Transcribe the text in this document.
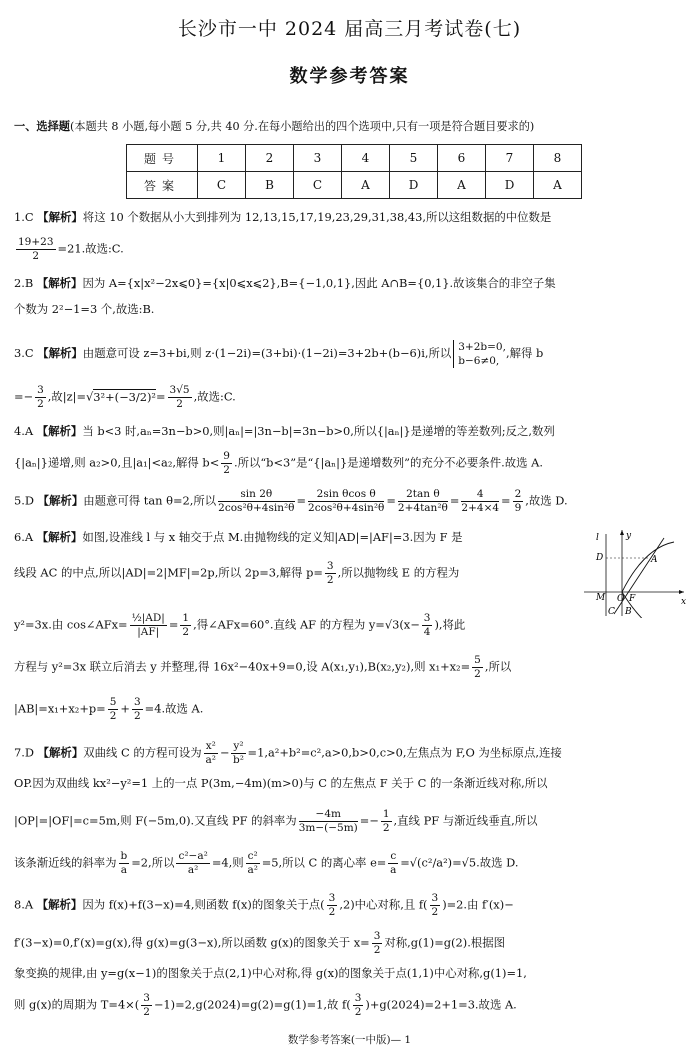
长沙市一中 2024 届高三月考试卷(七)
数学参考答案
一、选择题(本题共 8 小题,每小题 5 分,共 40 分.在每小题给出的四个选项中,只有一项是符合题目要求的)
题号	1	2	3	4	5	6	7	8
答案	C	B	C	A	D	A	D	A
1.C 【解析】将这 10 个数据从小大到排列为 12,13,15,17,19,23,29,31,38,43,所以这组数据的中位数是
$\frac{19+23}{2} =21$.故选:C.
2.B 【解析】因为 A={x|x²−2x⩽0}={x|0⩽x⩽2},B={−1,0,1},因此 A∩B={0,1}.故该集合的非空子集
个数为 2²−1=3 个,故选:B.
3.C 【解析】由题意可设 z=3+bi,则 z·(1−2i)=(3+bi)·(1−2i)=3+2b+(b−6)i,所以 3+2b=0,
b−6≠0,
,解得 b
=− $\frac{3}{2}$ ,故$|z|=√3^2+(-3/2)^2= \frac{3√5}{2}$ ,故选:C.
4.A 【解析】当 b<3 时,aₙ=3n−b>0,则|aₙ|=|3n−b|=3n−b>0,所以{|aₙ|}是递增的等差数列;反之,数列
{|aₙ|}递增,则 a₂>0,且|a₁|<a₂,解得 $b< \frac{9}{2}$ .所以“b<3”是“{|aₙ|}是递增数列”的充分不必要条件.故选 A.
5.D 【解析】由题意可得 tan θ=2,所以 $\frac{\sin 2\theta}{\text{2cos²θ+4sin²θ}} = \frac{\text{2sin θcos θ}}{\text{2cos²θ+4sin²θ}} = \frac{\text{2tan θ}}{\text{2+4tan²θ}} = \frac{4}{2+4\times 4} = \frac{2}{9}$ ,故选 D.
6.A 【解析】如图,设准线 l 与 x 轴交于点 M.由抛物线的定义知|AD|=|AF|=3.因为 F 是
线段 AC 的中点,所以|AD|=2|MF|=2p,所以 2p=3,解得 $p= \frac{3}{2}$ ,所以抛物线 E 的方程为
y²=3x.由 cos∠AFx= $\frac{\text{½|AD|}}{|AF|} = \frac{1}{2}$ ,得∠AFx=60°.直线 AF 的方程为 $y=√3(x- \frac{3}{4}$ ),将此
方程与 y²=3x 联立后消去 y 并整理,得 16x²−40x+9=0,设 A(x₁,y₁),B(x₂,y₂),则 $x_1+x_2= \frac{5}{2}$ ,所以
$|AB|=x_1+x_2+p= \frac{5}{2} + \frac{3}{2} =4$.故选 A.
l	y
D	A
M O F	x
C B
7.D 【解析】双曲线 C 的方程可设为 $\frac{\text{x²}}{\text{a²}} - \frac{\text{y²}}{\text{b²}} =1,a^2+b^2=c^2,a>0,b>0,c>0$,左焦点为 F,O 为坐标原点,连接
OP.因为双曲线 kx²−y²=1 上的一点 P(3m,−4m)(m>0)与 C 的左焦点 F 关于 C 的一条渐近线对称,所以
|OP|=|OF|=c=5m,则 F(−5m,0).又直线 PF 的斜率为 $\frac{-4m}{3m-(-5m)} =- \frac{1}{2}$ ,直线 PF 与渐近线垂直,所以
该条渐近线的斜率为 $\frac{b}{a} =2$,所以 $\frac{\text{c²−a²}}{\text{a²}} =4$,则 $\frac{\text{c²}}{\text{a²}} =5$,所以 C 的离心率 $e= \frac{c}{a} =√(c^2/a^2)=√5$.故选 D.
8.A 【解析】因为 f(x)+f(3−x)=4,则函数 f(x)的图象关于点( $\frac{3}{2} ,2$)中心对称,且 $f( \frac{3}{2} )=2$.由 f′(x)−
f′(3−x)=0,f′(x)=g(x),得 g(x)=g(3−x),所以函数 g(x)的图象关于 $x= \frac{3}{2}$ 对称,g(1)=g(2).根据图
象变换的规律,由 y=g(x−1)的图象关于点(2,1)中心对称,得 g(x)的图象关于点(1,1)中心对称,g(1)=1,
则 g(x)的周期为 $T=4\times( \frac{3}{2} -1)=2,g(2024)=g(2)=g(1)=1$,故 $f( \frac{3}{2} )+g(2024)=2+1=3$.故选 A.
数学参考答案(一中版)— 1
